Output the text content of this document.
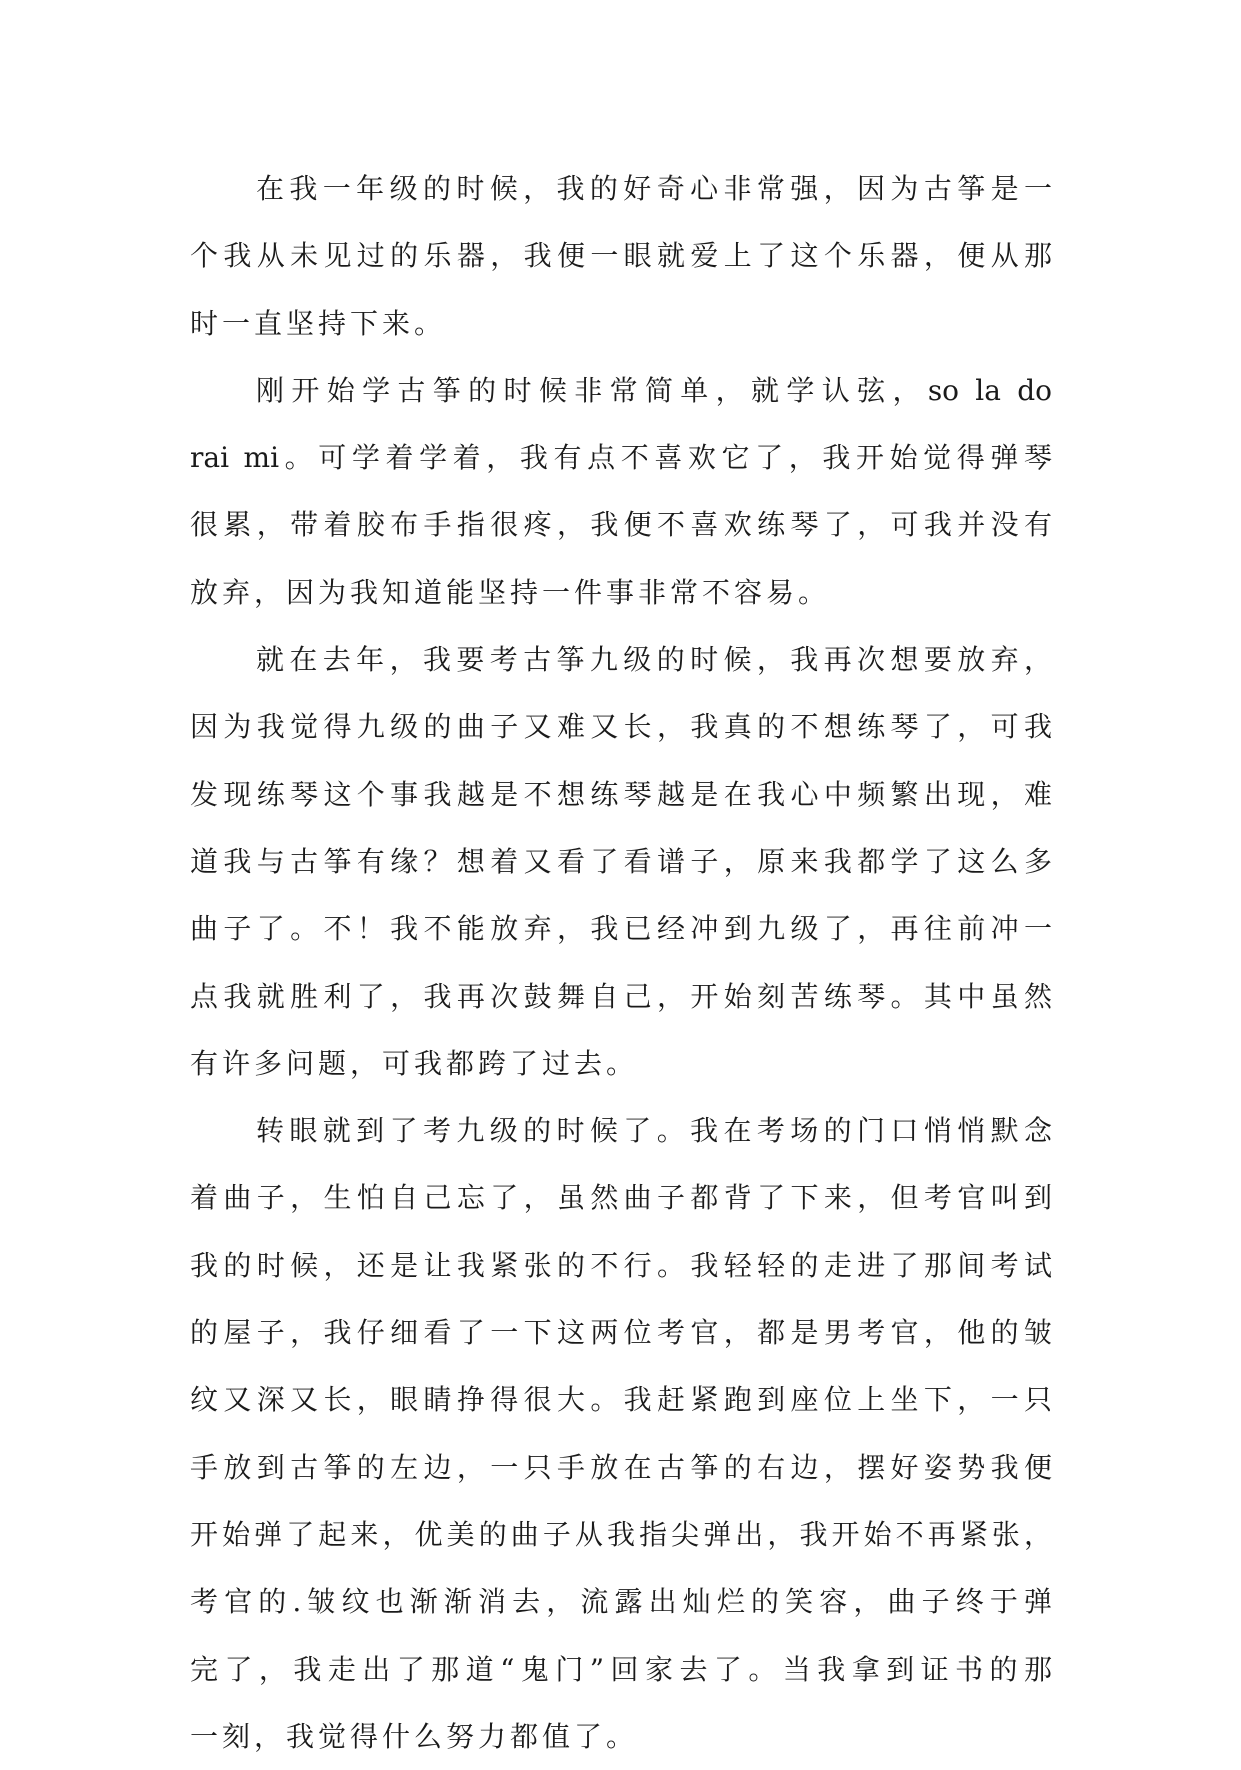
在我一年级的时候，我的好奇心非常强，因为古筝是一
个我从未见过的乐器，我便一眼就爱上了这个乐器，便从那
时一直坚持下来。
刚开始学古筝的时候非常简单，就学认弦，so la do
rai mi。可学着学着，我有点不喜欢它了，我开始觉得弹琴
很累，带着胶布手指很疼，我便不喜欢练琴了，可我并没有
放弃，因为我知道能坚持一件事非常不容易。
就在去年，我要考古筝九级的时候，我再次想要放弃，
因为我觉得九级的曲子又难又长，我真的不想练琴了，可我
发现练琴这个事我越是不想练琴越是在我心中频繁出现，难
道我与古筝有缘？想着又看了看谱子，原来我都学了这么多
曲子了。不！我不能放弃，我已经冲到九级了，再往前冲一
点我就胜利了，我再次鼓舞自己，开始刻苦练琴。其中虽然
有许多问题，可我都跨了过去。
转眼就到了考九级的时候了。我在考场的门口悄悄默念
着曲子，生怕自己忘了，虽然曲子都背了下来，但考官叫到
我的时候，还是让我紧张的不行。我轻轻的走进了那间考试
的屋子，我仔细看了一下这两位考官，都是男考官，他的皱
纹又深又长，眼睛挣得很大。我赶紧跑到座位上坐下，一只
手放到古筝的左边，一只手放在古筝的右边，摆好姿势我便
开始弹了起来，优美的曲子从我指尖弹出，我开始不再紧张，
考官的.皱纹也渐渐消去，流露出灿烂的笑容，曲子终于弹
完了，我走出了那道“鬼门”回家去了。当我拿到证书的那
一刻，我觉得什么努力都值了。
